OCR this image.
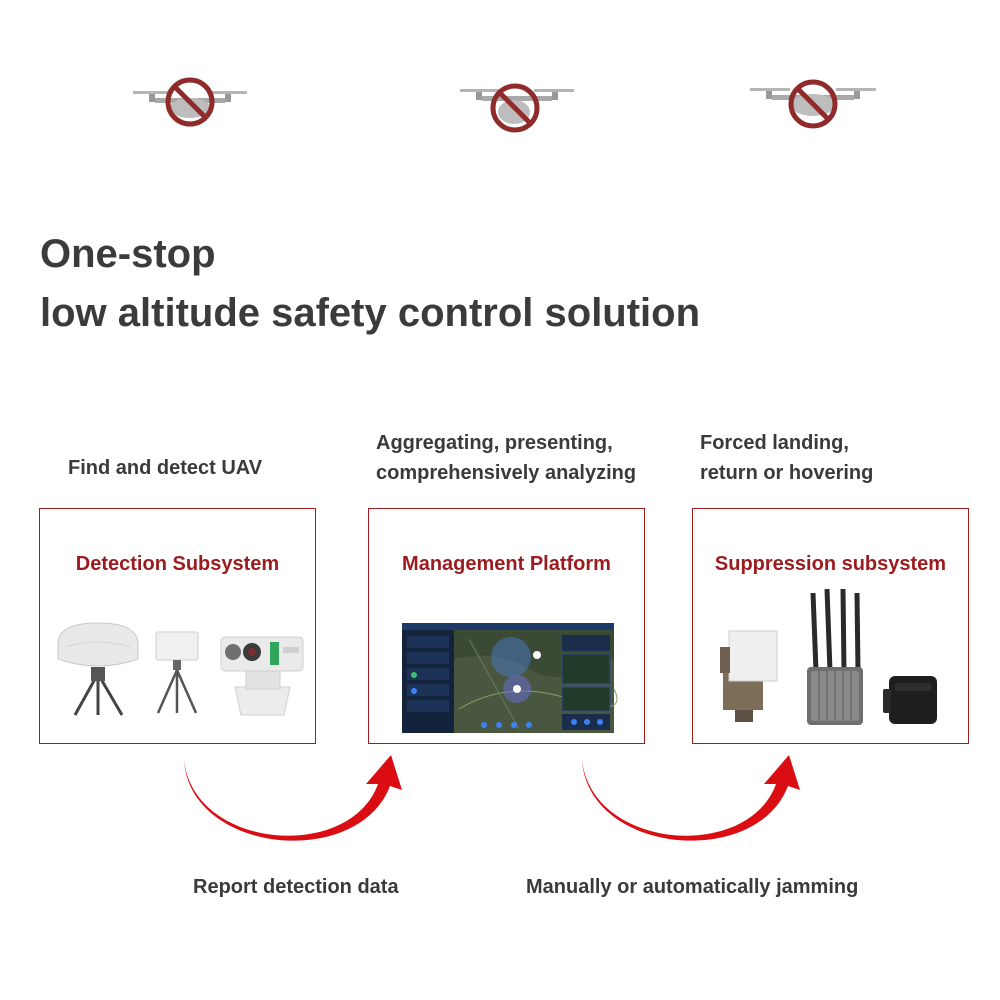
One-stop
low altitude safety control solution
Find and detect UAV
Aggregating, presenting,
comprehensively analyzing
Forced landing,
return or hovering
Detection Subsystem	Management Platform	Suppression subsystem
Report detection data	Manually or automatically jamming
